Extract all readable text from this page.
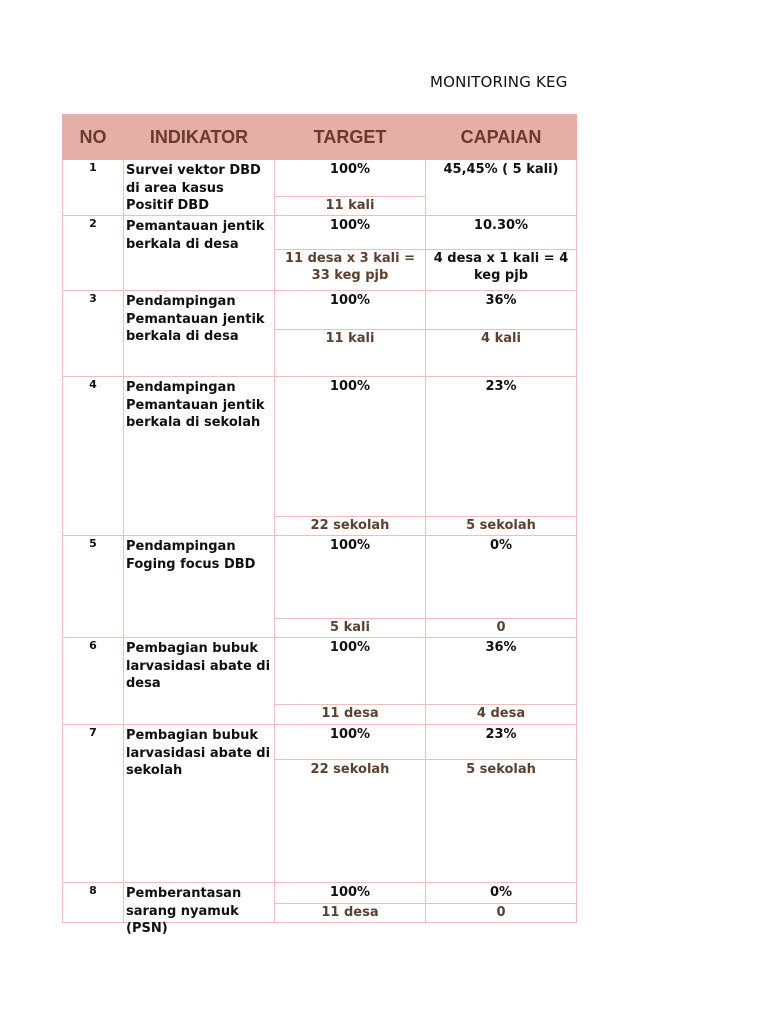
MONITORING KEG
NO	INDIKATOR	TARGET	CAPAIAN
1	Survei vektor DBD di area kasus Positif DBD	100%	45,45% ( 5 kali)
		11 kali	
2	Pemantauan jentik berkala di desa	100%	10.30%
		11 desa x 3 kali = 33 keg pjb	4 desa x 1 kali = 4 keg pjb
3	Pendampingan Pemantauan jentik berkala di desa	100%	36%
		11 kali	4 kali
4	Pendampingan Pemantauan jentik berkala di sekolah	100%	23%
		22 sekolah	5 sekolah
5	Pendampingan Foging focus DBD	100%	0%
		5 kali	0
6	Pembagian bubuk larvasidasi abate di desa	100%	36%
		11 desa	4 desa
7	Pembagian bubuk larvasidasi abate di sekolah	100%	23%
		22 sekolah	5 sekolah
8	Pemberantasan sarang nyamuk (PSN)	100%	0%
		11 desa	0
